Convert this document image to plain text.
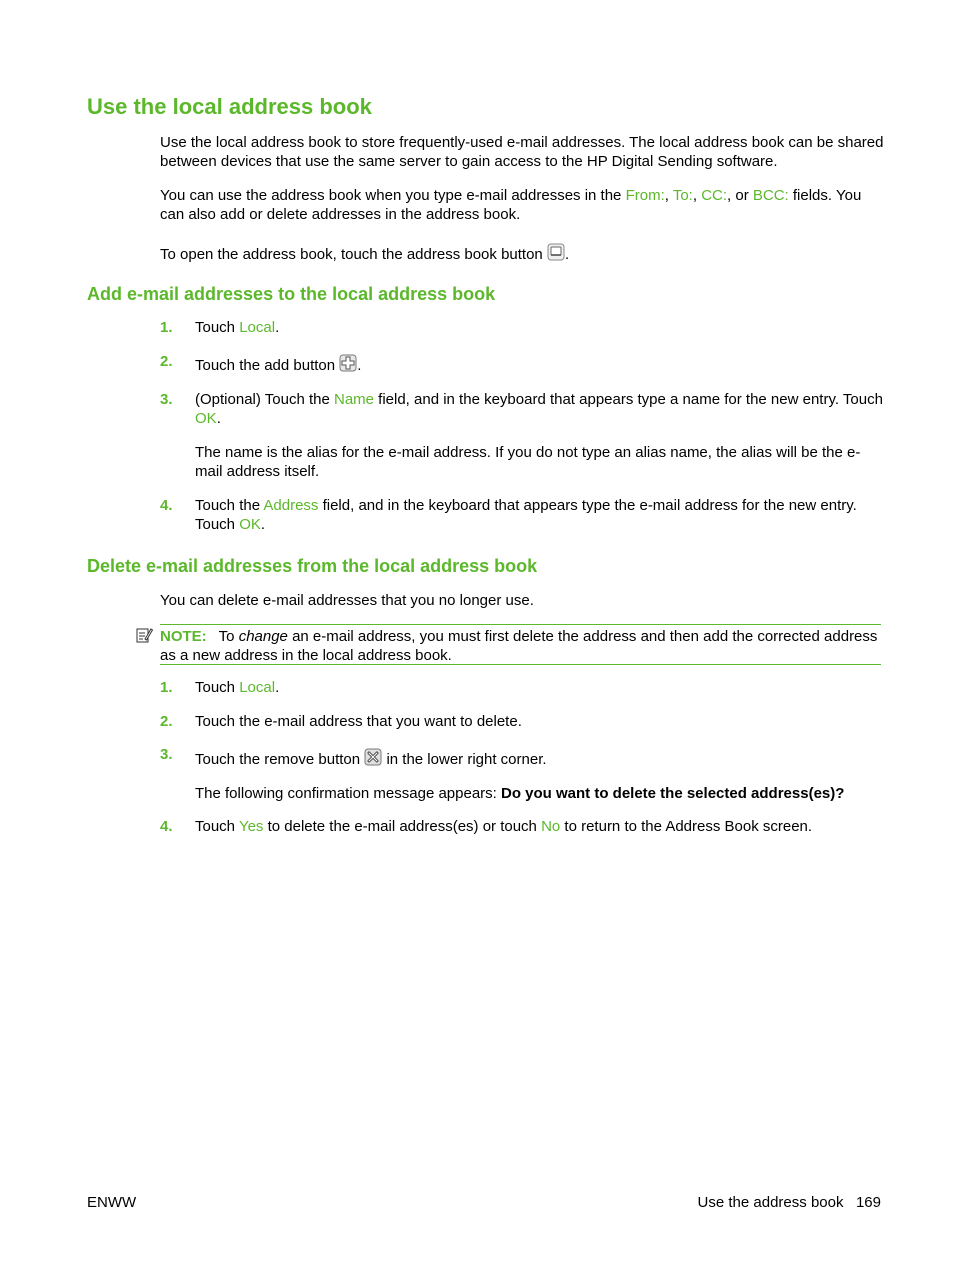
Use the local address book

Use the local address book to store frequently-used e-mail addresses. The local address book can be shared between devices that use the same server to gain access to the HP Digital Sending software.

You can use the address book when you type e-mail addresses in the From:, To:, CC:, or BCC: fields. You can also add or delete addresses in the address book.

To open the address book, touch the address book button .

Add e-mail addresses to the local address book
1. Touch Local.

2. Touch the add button .

3. (Optional) Touch the Name field, and in the keyboard that appears type a name for the new entry. Touch OK.

The name is the alias for the e-mail address. If you do not type an alias name, the alias will be the e-mail address itself.

4. Touch the Address field, and in the keyboard that appears type the e-mail address for the new entry. Touch OK.

Delete e-mail addresses from the local address book

You can delete e-mail addresses that you no longer use.

NOTE: To change an e-mail address, you must first delete the address and then add the corrected address as a new address in the local address book.

1. Touch Local.

2. Touch the e-mail address that you want to delete.

3. Touch the remove button  in the lower right corner.

The following confirmation message appears: Do you want to delete the selected address(es)?

4. Touch Yes to delete the e-mail address(es) or touch No to return to the Address Book screen.

ENWW	Use the address book   169
